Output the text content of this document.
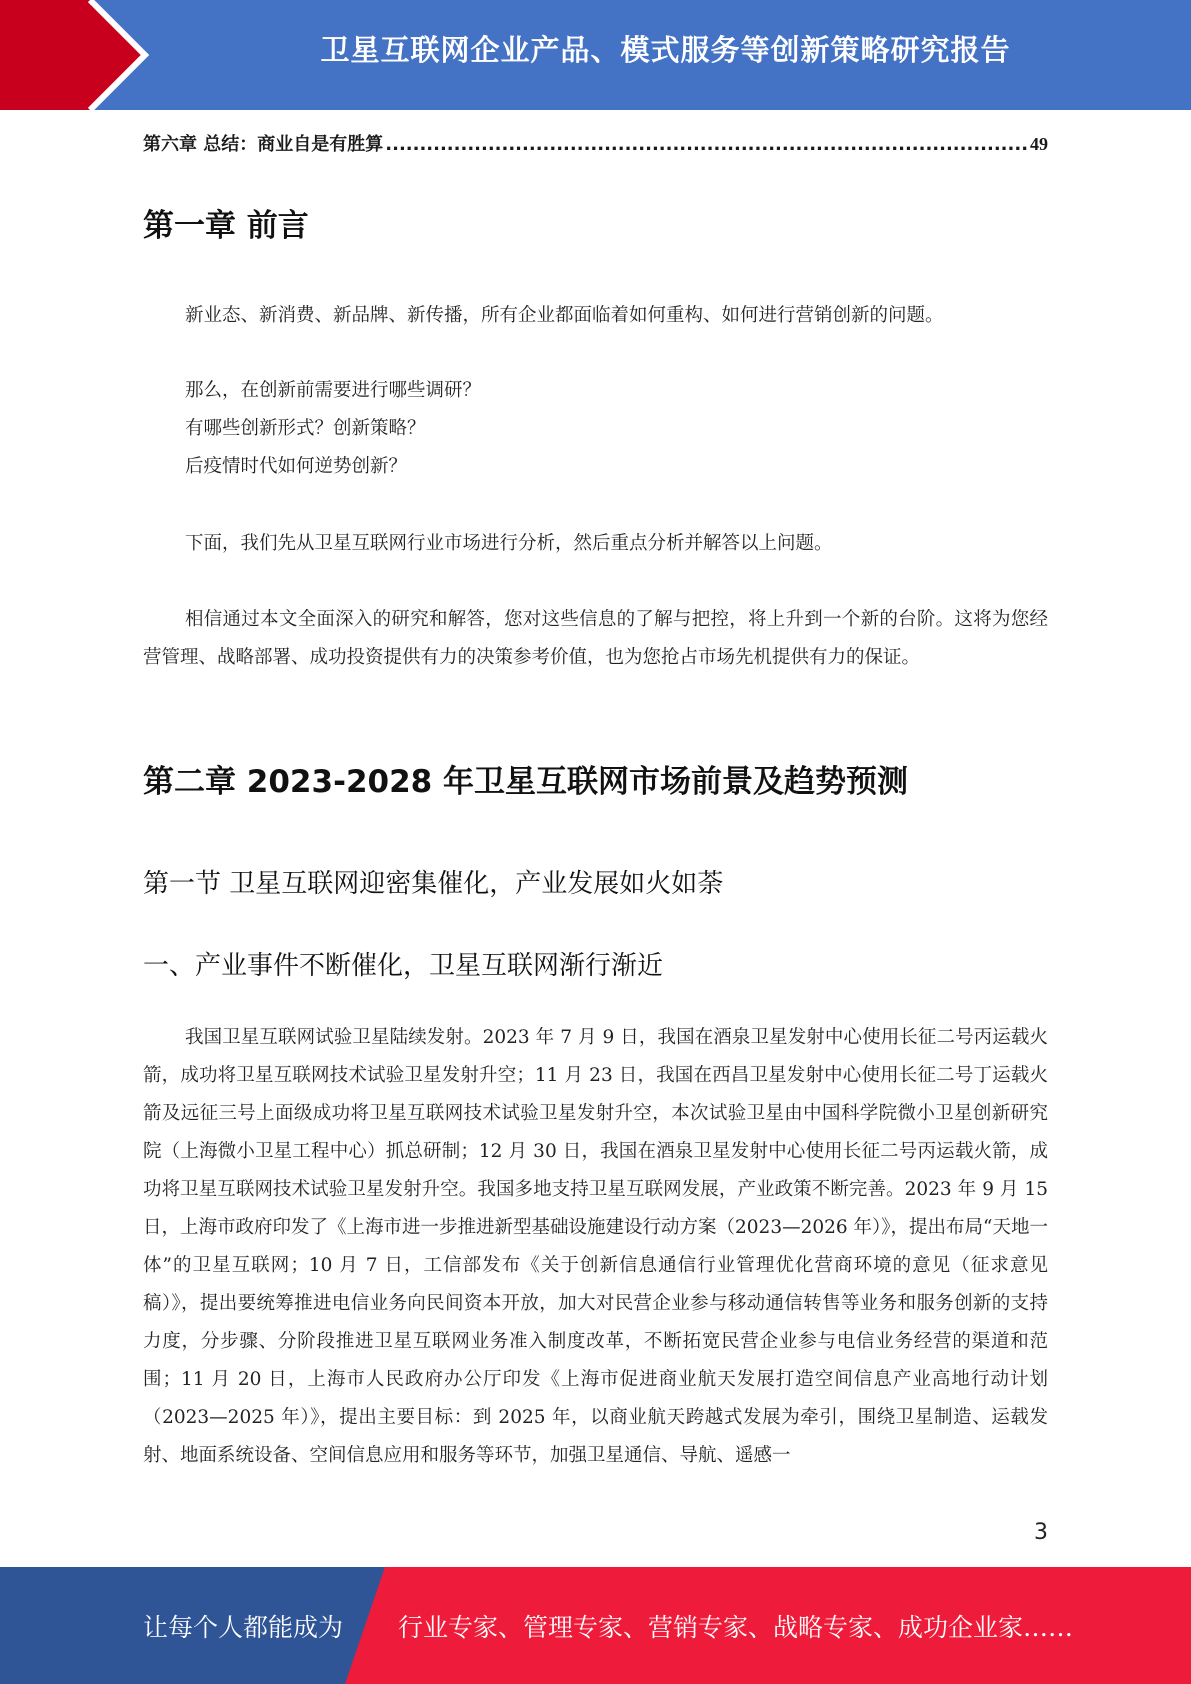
卫星互联网企业产品、模式服务等创新策略研究报告
第六章 总结：商业自是有胜算
.....	49
第一章 前言
新业态、新消费、新品牌、新传播，所有企业都面临着如何重构、如何进行营销创新的问题。
那么，在创新前需要进行哪些调研？
有哪些创新形式？创新策略？
后疫情时代如何逆势创新？
下面，我们先从卫星互联网行业市场进行分析，然后重点分析并解答以上问题。
相信通过本文全面深入的研究和解答，您对这些信息的了解与把控，将上升到一个新的台阶。这将为您经营管理、战略部署、成功投资提供有力的决策参考价值，也为您抢占市场先机提供有力的保证。
第二章 2023-2028 年卫星互联网市场前景及趋势预测
第一节 卫星互联网迎密集催化，产业发展如火如荼
一、产业事件不断催化，卫星互联网渐行渐近
我国卫星互联网试验卫星陆续发射。2023 年 7 月 9 日，我国在酒泉卫星发射中心使用长征二号丙运载火箭，成功将卫星互联网技术试验卫星发射升空；11 月 23 日，我国在西昌卫星发射中心使用长征二号丁运载火箭及远征三号上面级成功将卫星互联网技术试验卫星发射升空，本次试验卫星由中国科学院微小卫星创新研究院（上海微小卫星工程中心）抓总研制；12 月 30 日，我国在酒泉卫星发射中心使用长征二号丙运载火箭，成功将卫星互联网技术试验卫星发射升空。我国多地支持卫星互联网发展，产业政策不断完善。2023 年 9 月 15 日，上海市政府印发了《上海市进一步推进新型基础设施建设行动方案（2023—2026 年）》，提出布局“天地一体”的卫星互联网；10 月 7 日，工信部发布《关于创新信息通信行业管理优化营商环境的意见（征求意见稿）》，提出要统筹推进电信业务向民间资本开放，加大对民营企业参与移动通信转售等业务和服务创新的支持力度，分步骤、分阶段推进卫星互联网业务准入制度改革，不断拓宽民营企业参与电信业务经营的渠道和范围；11 月 20 日，上海市人民政府办公厅印发《上海市促进商业航天发展打造空间信息产业高地行动计划（2023—2025 年）》，提出主要目标：到 2025 年，以商业航天跨越式发展为牵引，围绕卫星制造、运载发射、地面系统设备、空间信息应用和服务等环节，加强卫星通信、导航、遥感一
3
让每个人都能成为 行业专家、管理专家、营销专家、战略专家、成功企业家……
